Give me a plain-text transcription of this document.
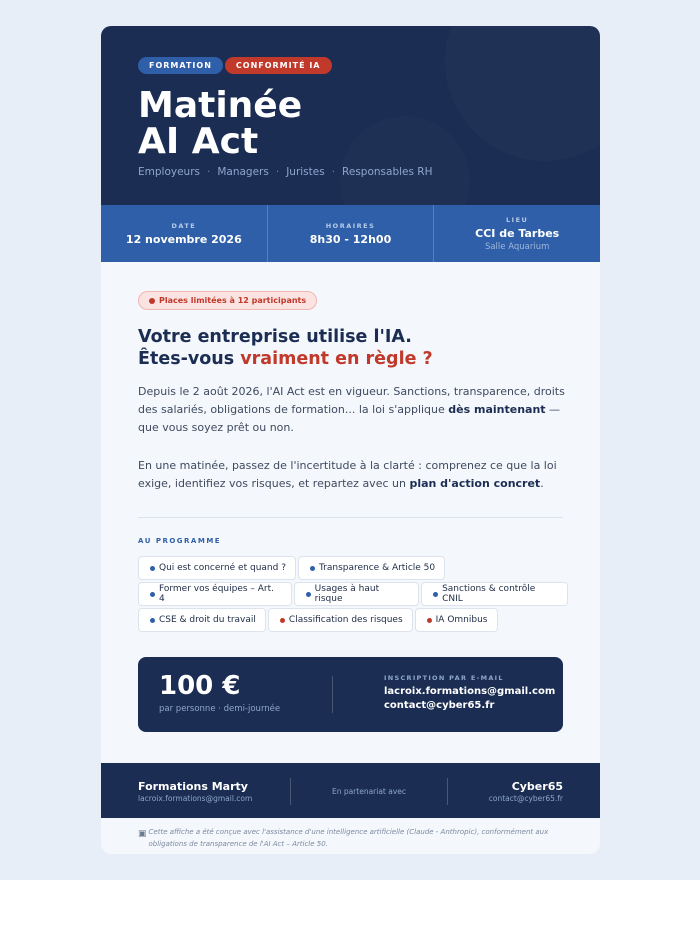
FORMATION	CONFORMITÉ IA
Matinée
AI Act
Employeurs · Managers · Juristes · Responsables RH
DATE
12 novembre 2026
HORAIRES
8h30 - 12h00
LIEU
CCI de Tarbes
Salle Aquarium
Places limitées à 12 participants
Votre entreprise utilise l'IA.
Êtes-vous vraiment en règle ?

Depuis le 2 août 2026, l'AI Act est en vigueur. Sanctions, transparence, droits des salariés, obligations de formation... la loi s'applique dès maintenant — que vous soyez prêt ou non.

En une matinée, passez de l'incertitude à la clarté : comprenez ce que la loi exige, identifiez vos risques, et repartez avec un plan d'action concret.

AU PROGRAMME
Qui est concerné et quand ?	Transparence & Article 50
Former vos équipes – Art. 4
Usages à haut risque
Sanctions & contrôle CNIL
CSE & droit du travail	Classification des risques	IA Omnibus
100 €
par personne · demi-journée
INSCRIPTION PAR E-MAIL
lacroix.formations@gmail.com
contact@cyber65.fr
Formations Marty
lacroix.formations@gmail.com
En partenariat avec	Cyber65
contact@cyber65.fr
▣ Cette affiche a été conçue avec l'assistance d'une intelligence artificielle (Claude - Anthropic), conformément aux obligations de transparence de l'AI Act – Article 50.
